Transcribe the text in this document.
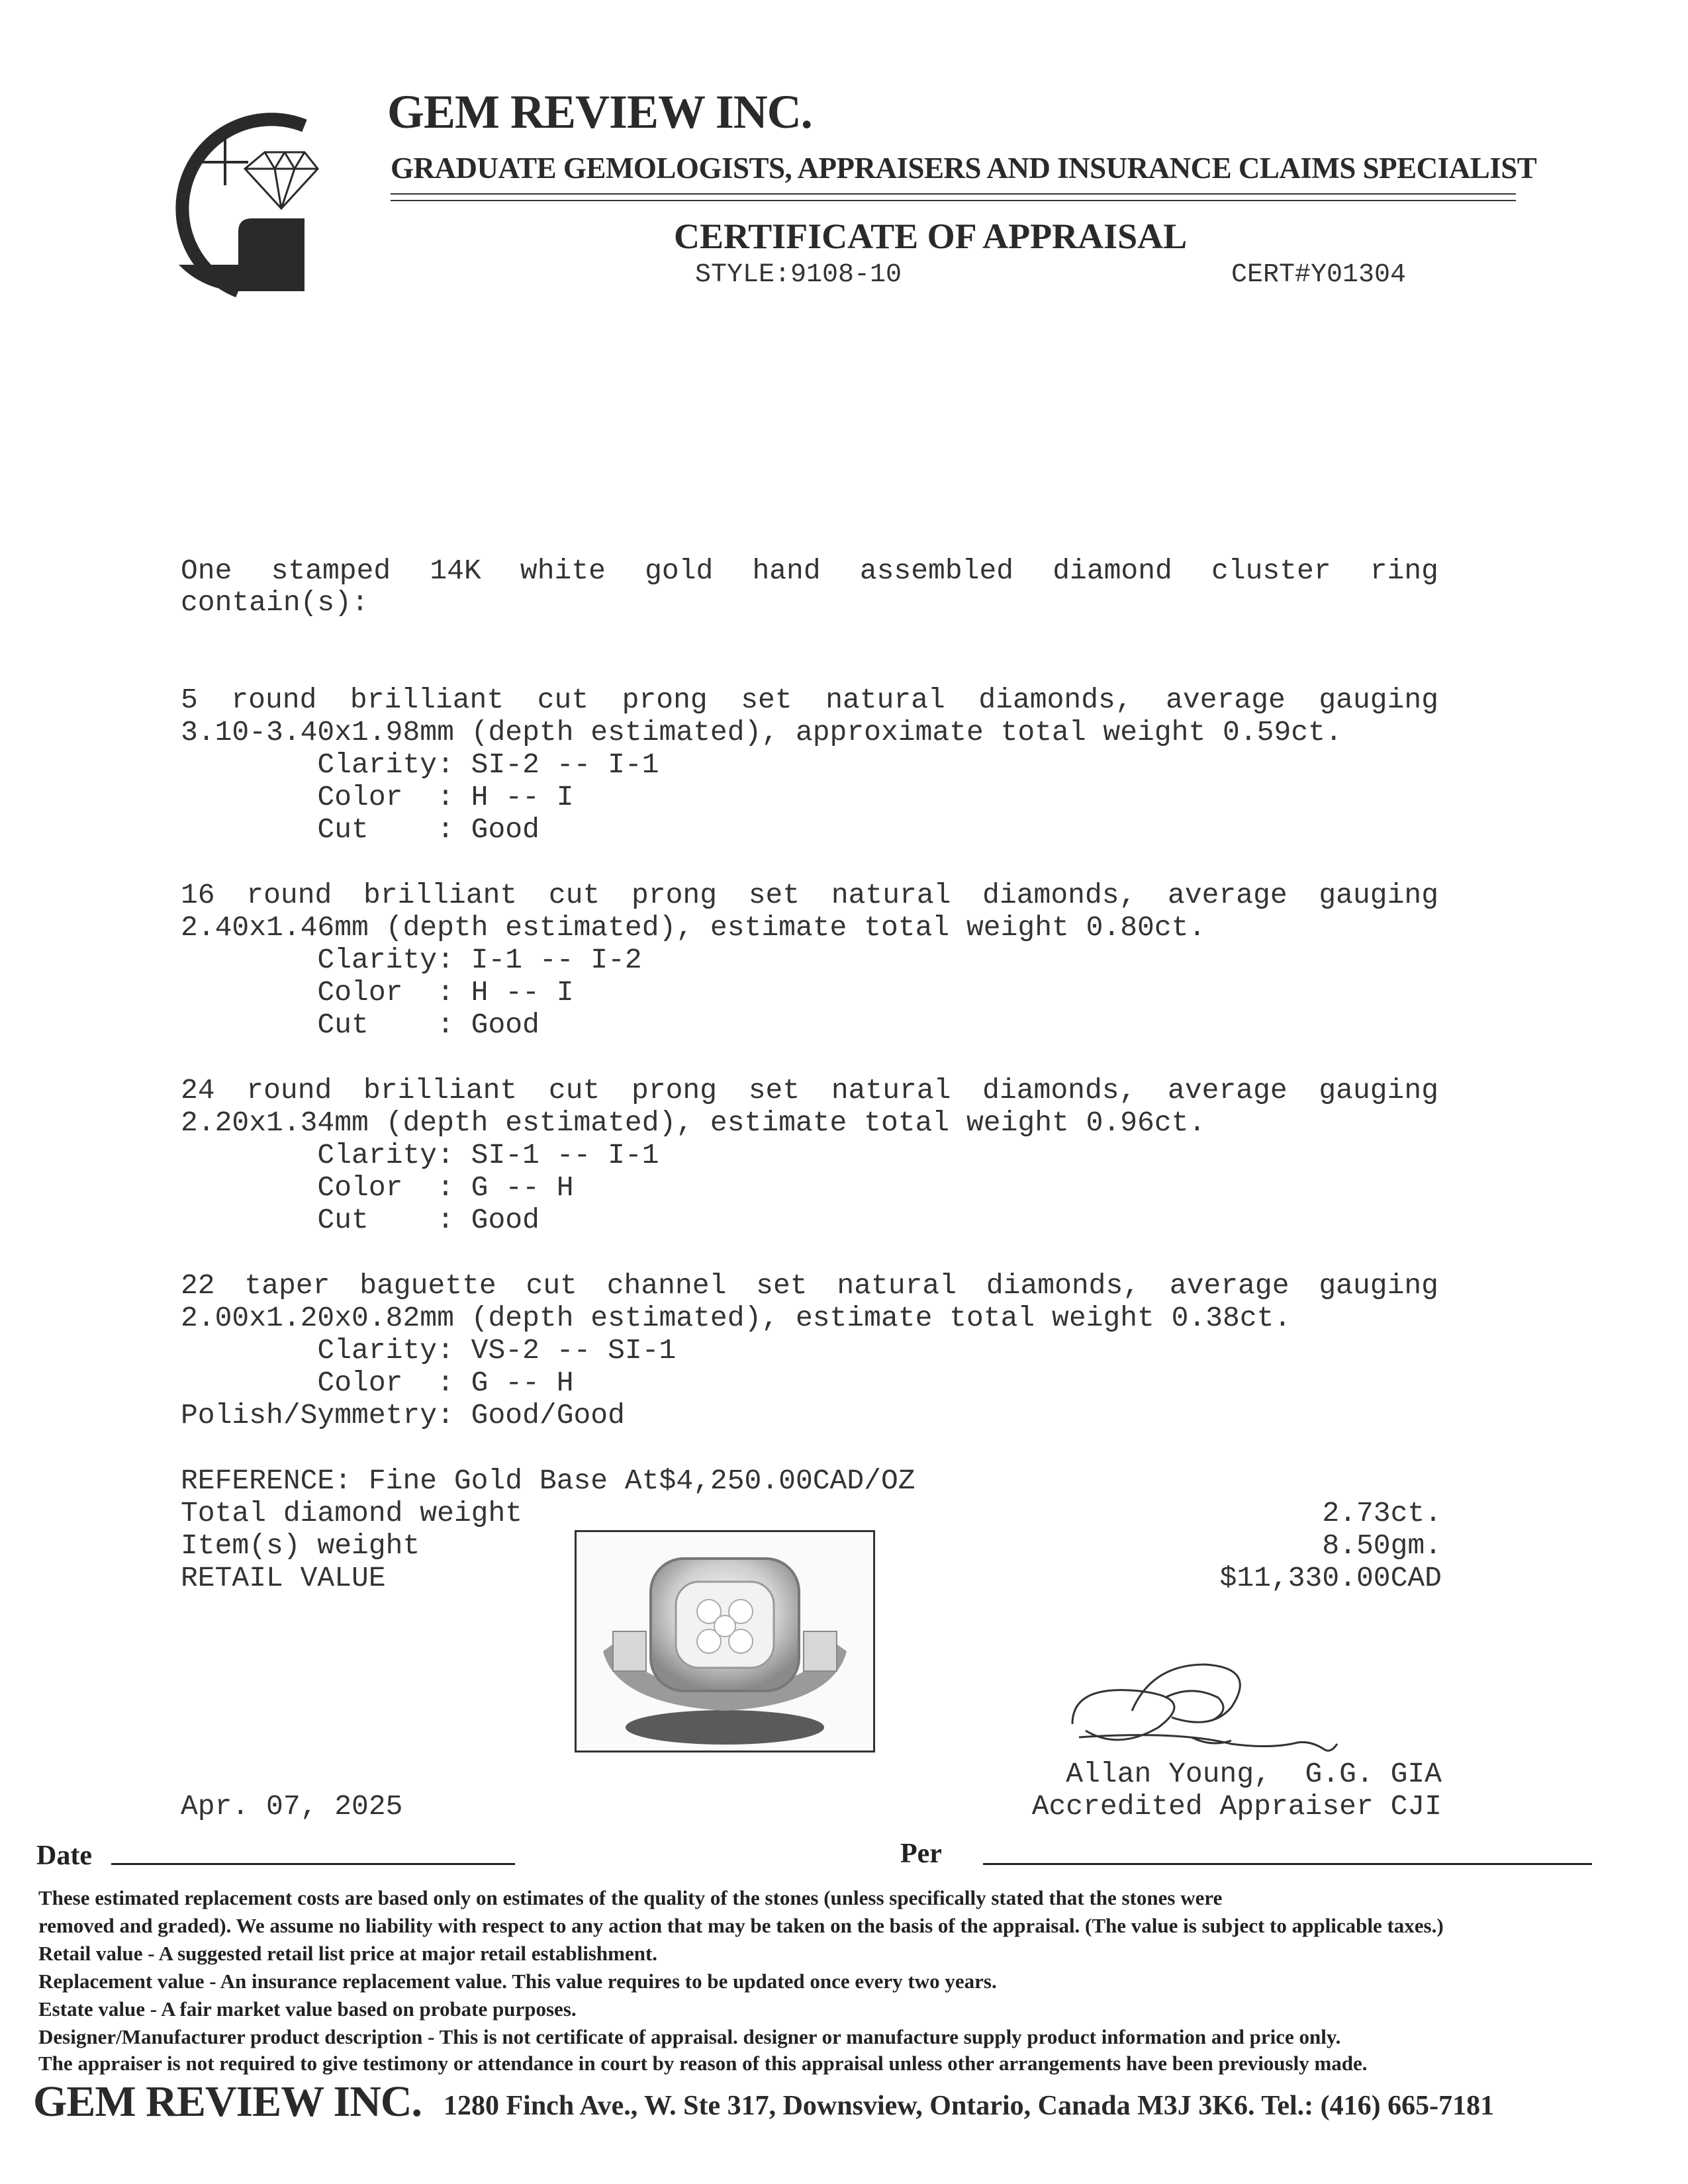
GEM REVIEW INC.
GRADUATE GEMOLOGISTS, APPRAISERS AND INSURANCE CLAIMS SPECIALIST
CERTIFICATE OF APPRAISAL
STYLE:9108-10	CERT#Y01304
One stamped 14K white gold hand assembled diamond cluster ring
contain(s):
5 round brilliant cut prong set natural diamonds, average gauging
3.10-3.40x1.98mm (depth estimated), approximate total weight 0.59ct.
Clarity: SI-2 -- I-1
Color  : H -- I
Cut    : Good
16 round brilliant cut prong set natural diamonds, average gauging
2.40x1.46mm (depth estimated), estimate total weight 0.80ct.
Clarity: I-1 -- I-2
Color  : H -- I
Cut    : Good
24 round brilliant cut prong set natural diamonds, average gauging
2.20x1.34mm (depth estimated), estimate total weight 0.96ct.
Clarity: SI-1 -- I-1
Color  : G -- H
Cut    : Good
22 taper baguette cut channel set natural diamonds, average gauging
2.00x1.20x0.82mm (depth estimated), estimate total weight 0.38ct.
Clarity: VS-2 -- SI-1
Color  : G -- H
Polish/Symmetry: Good/Good
REFERENCE: Fine Gold Base At$4,250.00CAD/OZ
Total diamond weight	2.73ct.
Item(s) weight	8.50gm.
RETAIL VALUE	$11,330.00CAD
Allan Young,  G.G. GIA
Accredited Appraiser CJI
Apr. 07, 2025
Date	Per
These estimated replacement costs are based only on estimates of the quality of the stones (unless specifically stated that the stones were
removed and graded). We assume no liability with respect to any action that may be taken on the basis of the appraisal. (The value is subject to applicable taxes.)
Retail value - A suggested retail list price at major retail establishment.
Replacement value - An insurance replacement value. This value requires to be updated once every two years.
Estate value - A fair market value based on probate purposes.
Designer/Manufacturer product description - This is not certificate of appraisal. designer or manufacture supply product information and price only.
The appraiser is not required to give testimony or attendance in court by reason of this appraisal unless other arrangements have been previously made.
GEM REVIEW INC. 1280 Finch Ave., W. Ste 317, Downsview, Ontario, Canada M3J 3K6. Tel.: (416) 665-7181
